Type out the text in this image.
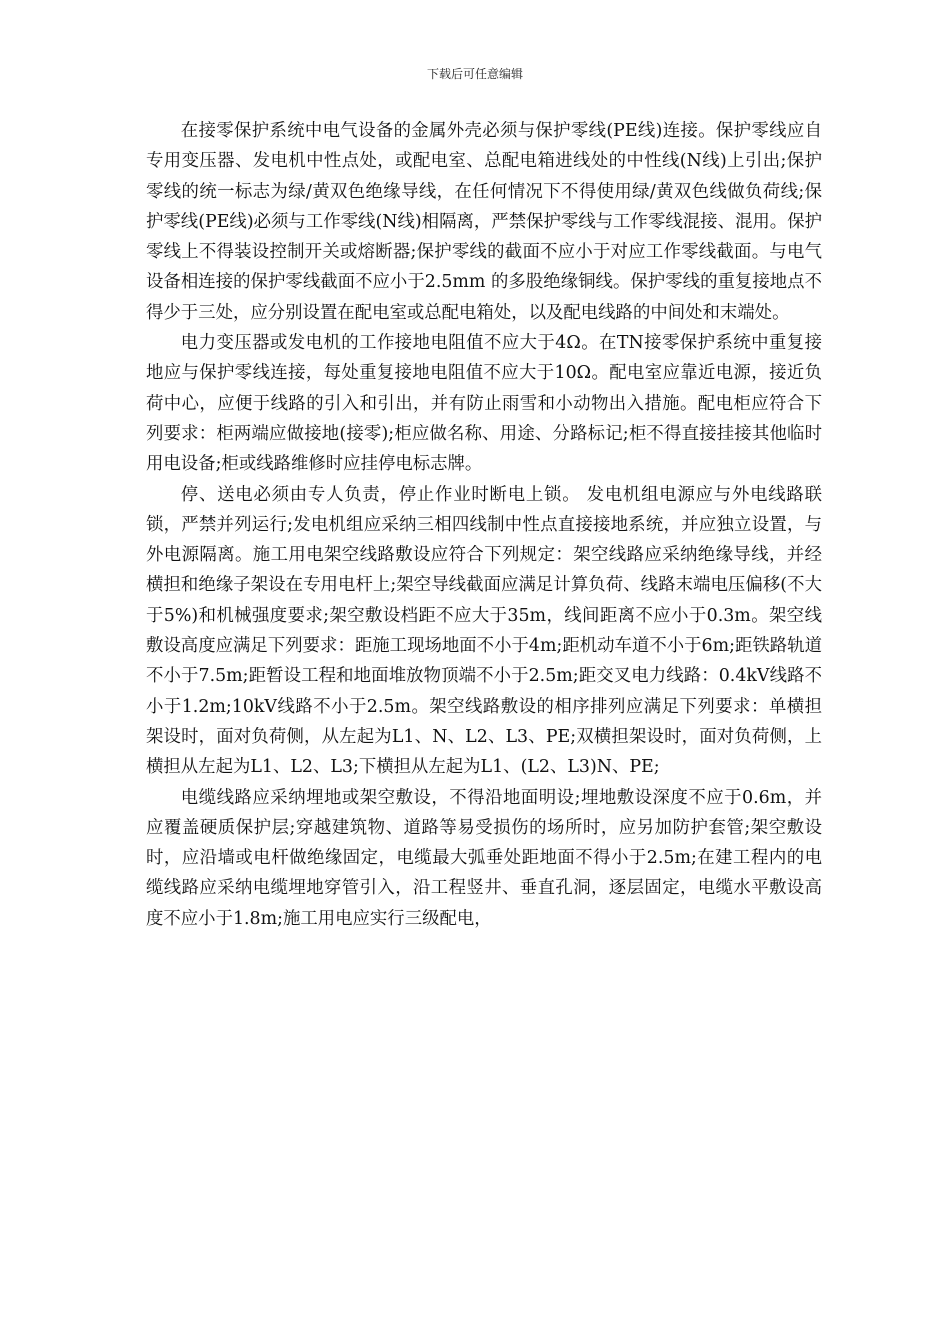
下载后可任意编辑

在接零保护系统中电气设备的金属外壳必须与保护零线(PE线)连接。保护零线应自专用变压器、发电机中性点处，或配电室、总配电箱进线处的中性线(N线)上引出;保护零线的统一标志为绿/黄双色绝缘导线，在任何情况下不得使用绿/黄双色线做负荷线;保护零线(PE线)必须与工作零线(N线)相隔离，严禁保护零线与工作零线混接、混用。保护零线上不得装设控制开关或熔断器;保护零线的截面不应小于对应工作零线截面。与电气设备相连接的保护零线截面不应小于2.5mm 的多股绝缘铜线。保护零线的重复接地点不得少于三处，应分别设置在配电室或总配电箱处，以及配电线路的中间处和末端处。

电力变压器或发电机的工作接地电阻值不应大于4Ω。在TN接零保护系统中重复接地应与保护零线连接，每处重复接地电阻值不应大于10Ω。配电室应靠近电源，接近负荷中心，应便于线路的引入和引出，并有防止雨雪和小动物出入措施。配电柜应符合下列要求：柜两端应做接地(接零);柜应做名称、用途、分路标记;柜不得直接挂接其他临时用电设备;柜或线路维修时应挂停电标志牌。

停、送电必须由专人负责，停止作业时断电上锁。 发电机组电源应与外电线路联锁，严禁并列运行;发电机组应采纳三相四线制中性点直接接地系统，并应独立设置，与外电源隔离。施工用电架空线路敷设应符合下列规定：架空线路应采纳绝缘导线，并经横担和绝缘子架设在专用电杆上;架空导线截面应满足计算负荷、线路末端电压偏移(不大于5%)和机械强度要求;架空敷设档距不应大于35m，线间距离不应小于0.3m。架空线敷设高度应满足下列要求：距施工现场地面不小于4m;距机动车道不小于6m;距铁路轨道不小于7.5m;距暂设工程和地面堆放物顶端不小于2.5m;距交叉电力线路：0.4kV线路不小于1.2m;10kV线路不小于2.5m。架空线路敷设的相序排列应满足下列要求：单横担架设时，面对负荷侧，从左起为L1、N、L2、L3、PE;双横担架设时，面对负荷侧，上横担从左起为L1、L2、L3;下横担从左起为L1、(L2、L3)N、PE;

电缆线路应采纳埋地或架空敷设，不得沿地面明设;埋地敷设深度不应于0.6m，并应覆盖硬质保护层;穿越建筑物、道路等易受损伤的场所时，应另加防护套管;架空敷设时，应沿墙或电杆做绝缘固定，电缆最大弧垂处距地面不得小于2.5m;在建工程内的电缆线路应采纳电缆埋地穿管引入，沿工程竖井、垂直孔洞，逐层固定，电缆水平敷设高度不应小于1.8m;施工用电应实行三级配电，
